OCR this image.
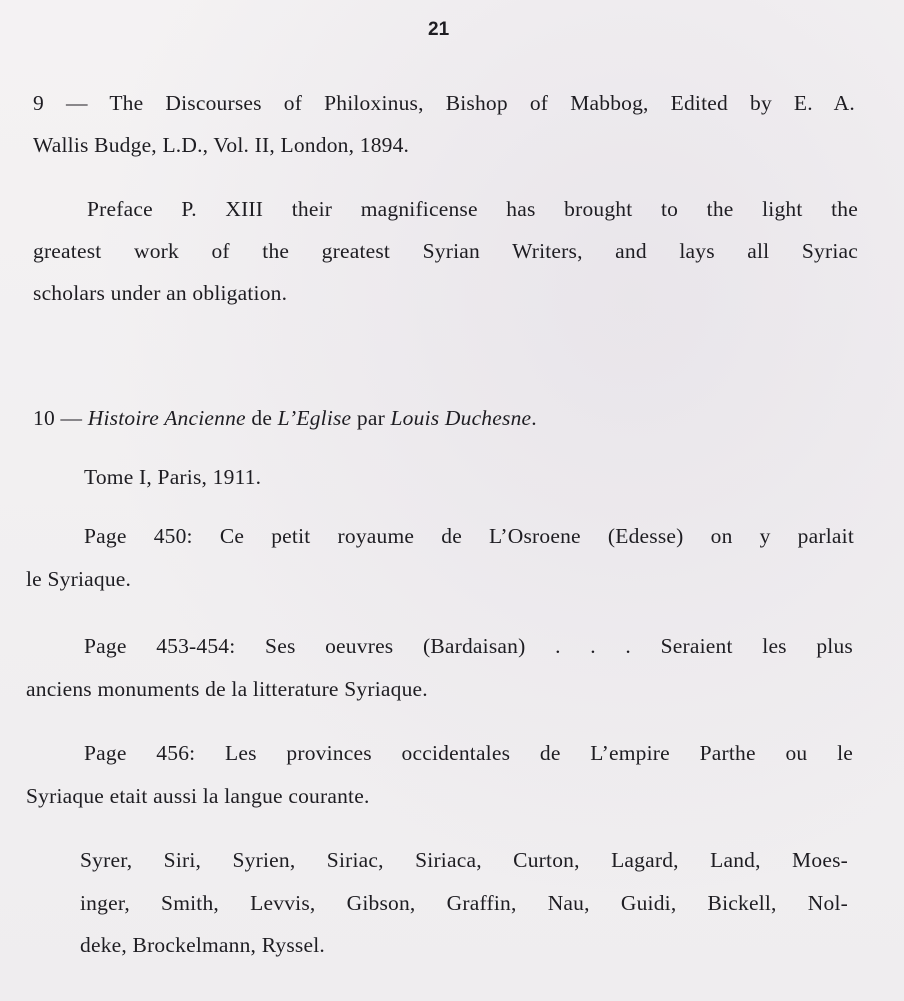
21
9 — The Discourses of Philoxinus, Bishop of Mabbog, Edited by E. A.
Wallis Budge, L.D., Vol. II, London, 1894.
Preface P. XIII their magnificense has brought to the light the
greatest work of the greatest Syrian Writers, and lays all Syriac
scholars under an obligation.
10 — Histoire Ancienne de L’Eglise par Louis Duchesne.
Tome I, Paris, 1911.
Page 450: Ce petit royaume de L’Osroene (Edesse) on y parlait
le Syriaque.
Page 453-454: Ses oeuvres (Bardaisan) . . . Seraient les plus
anciens monuments de la litterature Syriaque.
Page 456: Les provinces occidentales de L’empire Parthe ou le
Syriaque etait aussi la langue courante.
Syrer, Siri, Syrien, Siriac, Siriaca, Curton, Lagard, Land, Moes-
inger, Smith, Levvis, Gibson, Graffin, Nau, Guidi, Bickell, Nol-
deke, Brockelmann, Ryssel.
